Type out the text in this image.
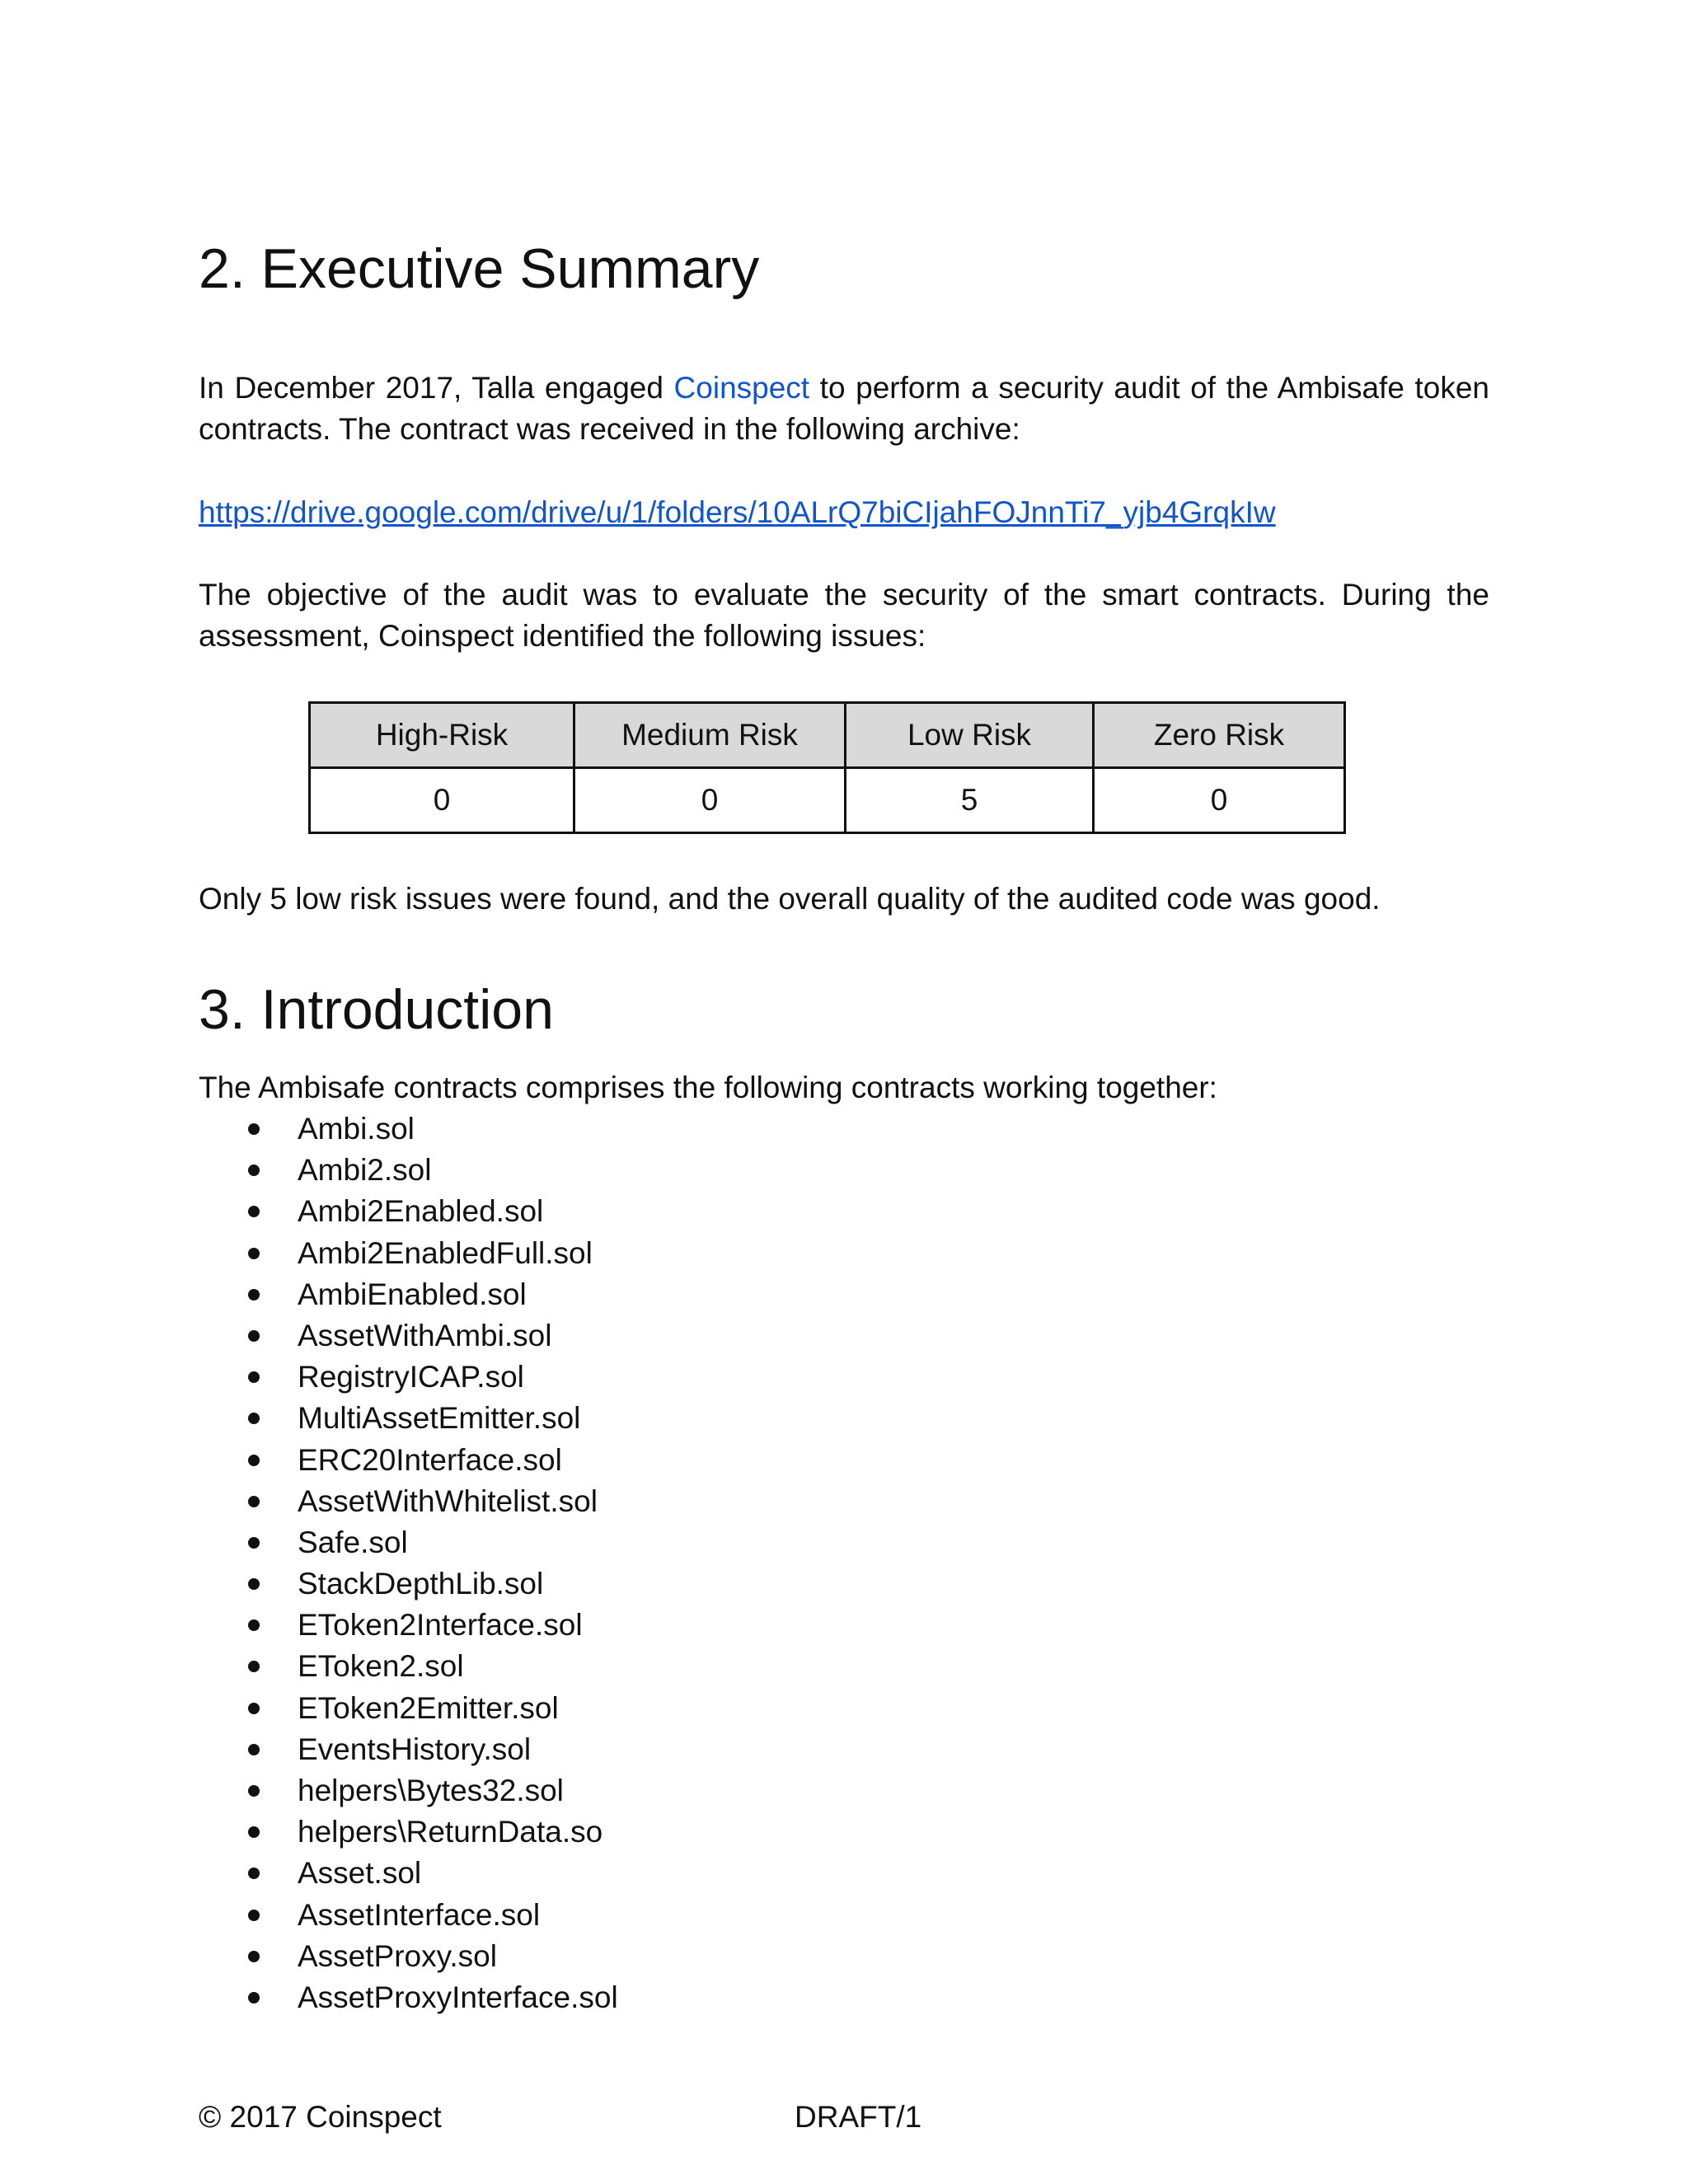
2. Executive Summary

In December 2017, Talla engaged Coinspect to perform a security audit of the Ambisafe token contracts. The contract was received in the following archive:

https://drive.google.com/drive/u/1/folders/10ALrQ7biCIjahFOJnnTi7_yjb4GrqkIw

The objective of the audit was to evaluate the security of the smart contracts. During the assessment, Coinspect identified the following issues:

High-Risk	Medium Risk	Low Risk	Zero Risk
0	0	5	0

Only 5 low risk issues were found, and the overall quality of the audited code was good.

3. Introduction

The Ambisafe contracts comprises the following contracts working together:

Ambi.sol
Ambi2.sol
Ambi2Enabled.sol
Ambi2EnabledFull.sol
AmbiEnabled.sol
AssetWithAmbi.sol
RegistryICAP.sol
MultiAssetEmitter.sol
ERC20Interface.sol
AssetWithWhitelist.sol
Safe.sol
StackDepthLib.sol
EToken2Interface.sol
EToken2.sol
EToken2Emitter.sol
EventsHistory.sol
helpers\Bytes32.sol
helpers\ReturnData.so
Asset.sol
AssetInterface.sol
AssetProxy.sol
AssetProxyInterface.sol
© 2017 Coinspect	DRAFT/1
